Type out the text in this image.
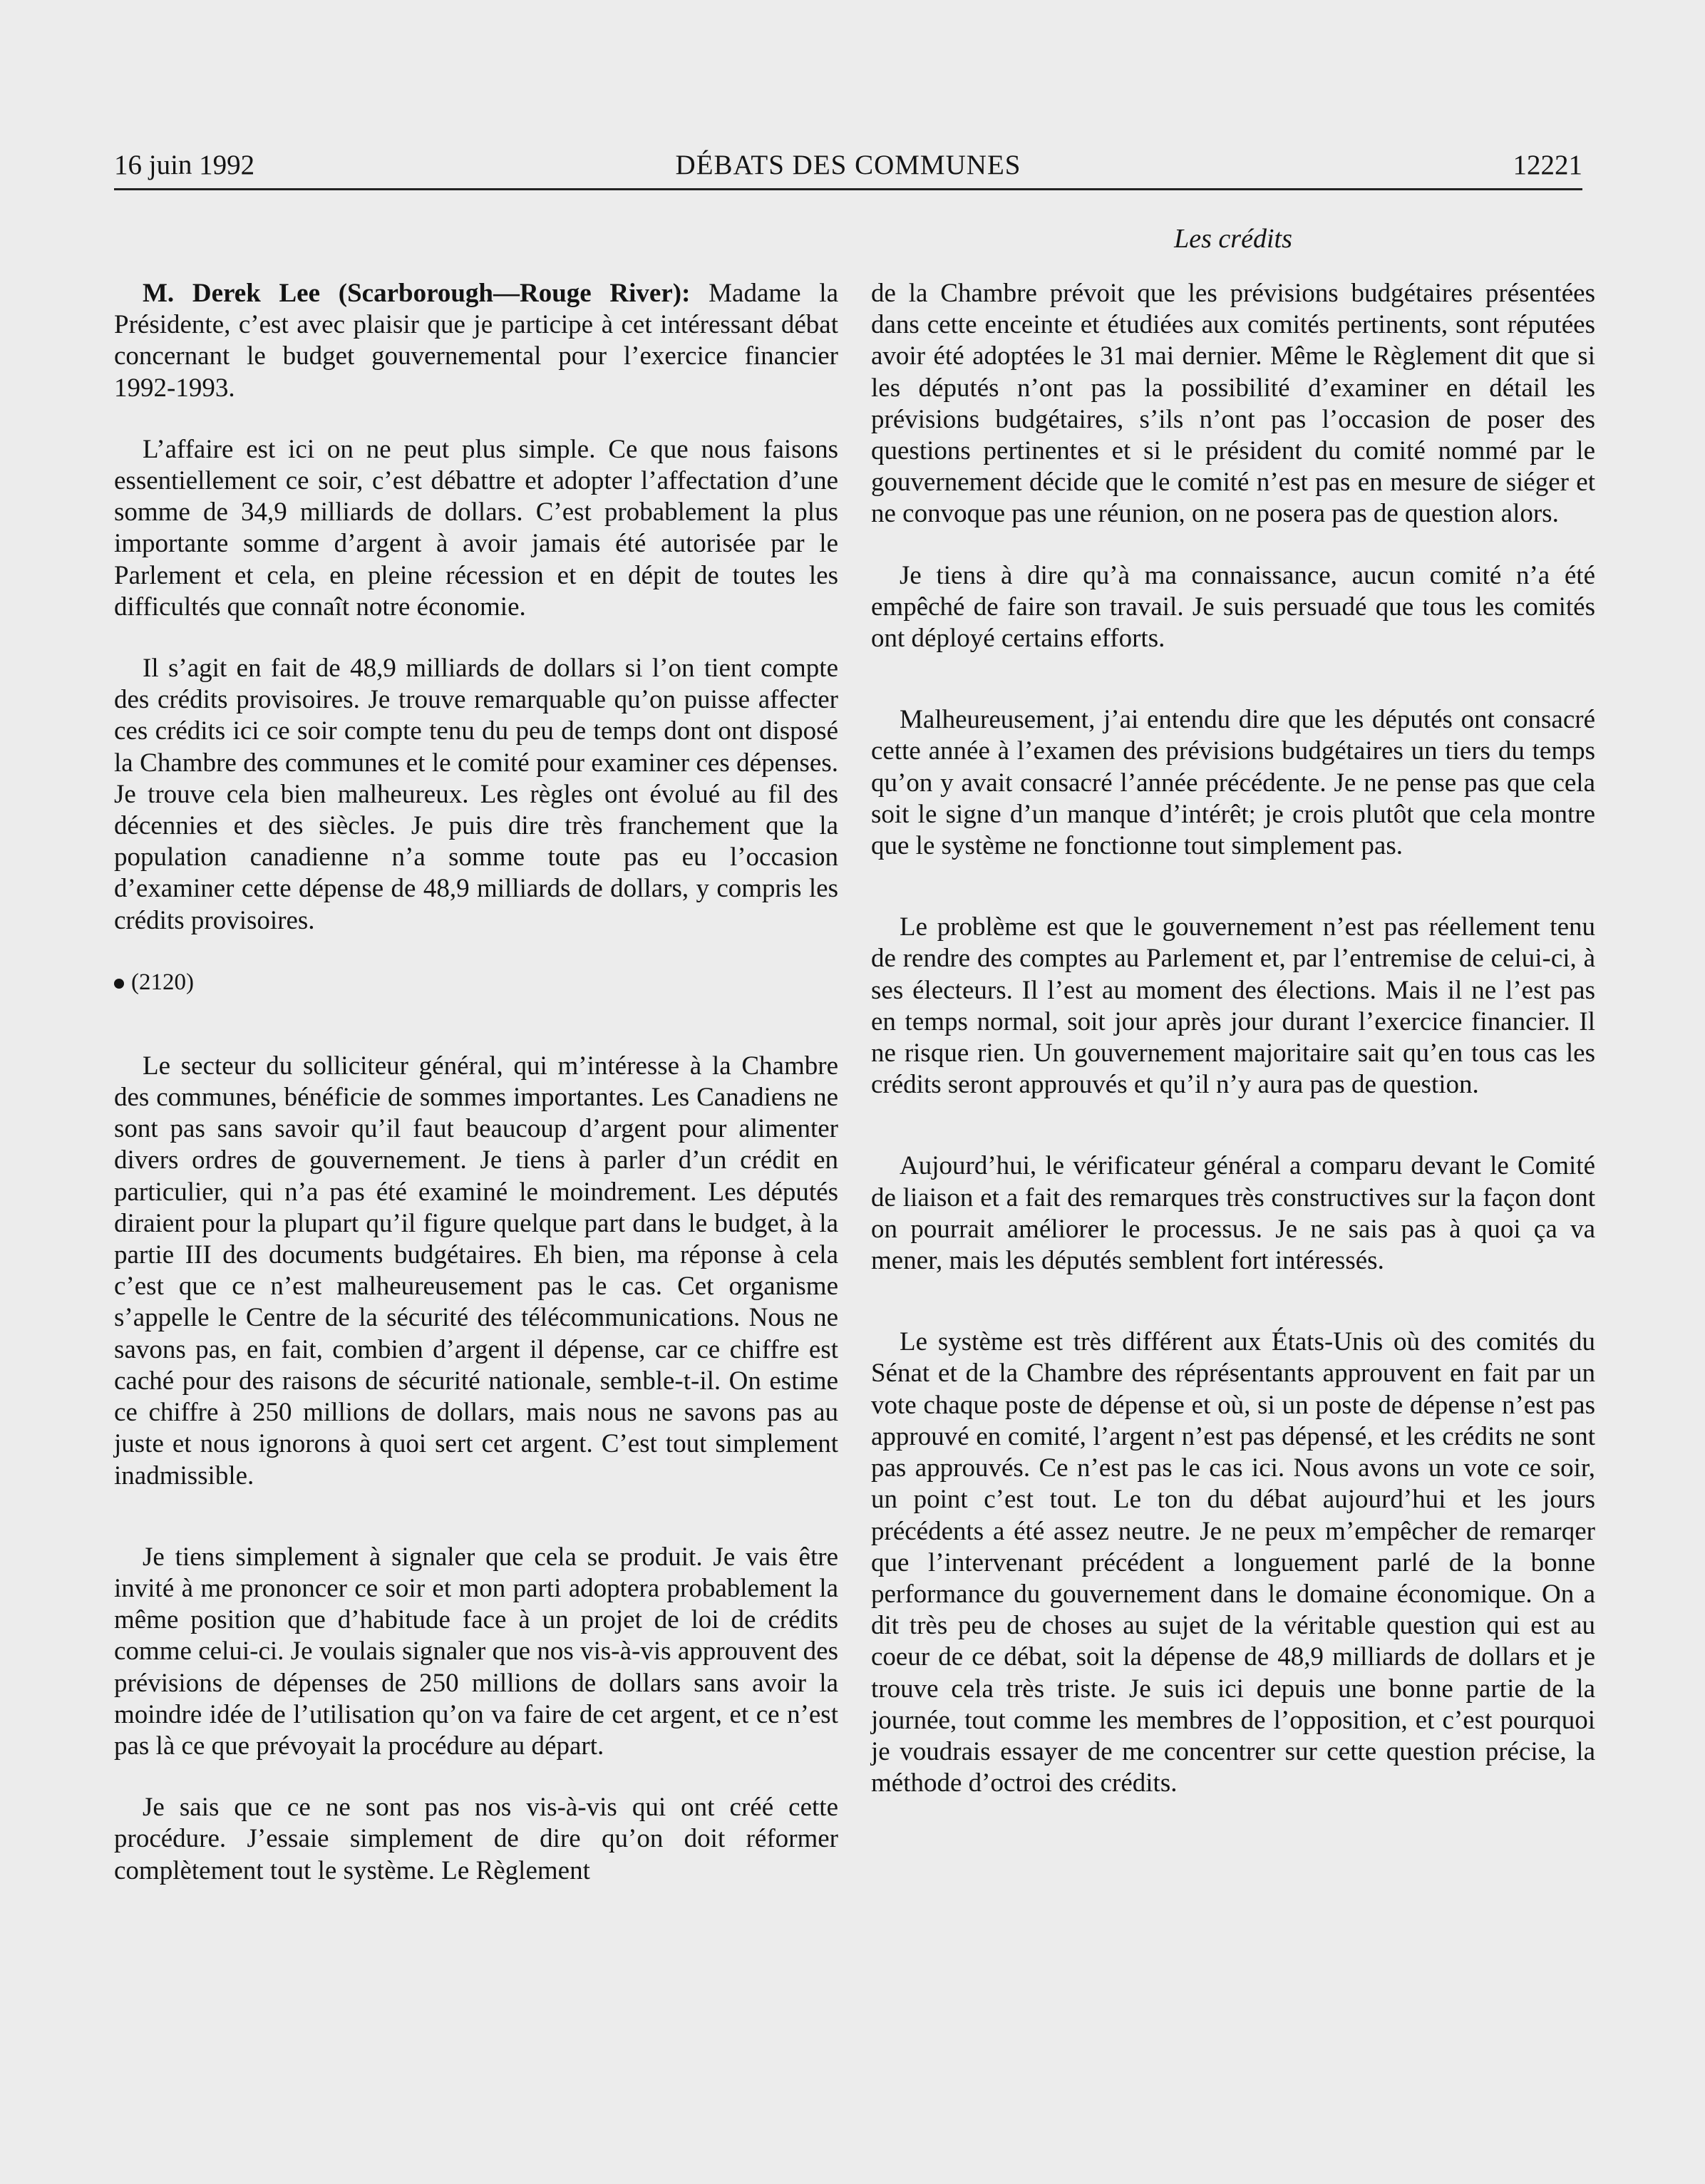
16 juin 1992	DÉBATS DES COMMUNES	12221
Les crédits

M. Derek Lee (Scarborough—Rouge River): Madame la Présidente, c’est avec plaisir que je participe à cet intéressant débat concernant le budget gouvernemental pour l’exercice financier 1992-1993.

L’affaire est ici on ne peut plus simple. Ce que nous faisons essentiellement ce soir, c’est débattre et adopter l’affectation d’une somme de 34,9 milliards de dollars. C’est probablement la plus importante somme d’argent à avoir jamais été autorisée par le Parlement et cela, en pleine récession et en dépit de toutes les difficultés que connaît notre économie.

Il s’agit en fait de 48,9 milliards de dollars si l’on tient compte des crédits provisoires. Je trouve remarquable qu’on puisse affecter ces crédits ici ce soir compte tenu du peu de temps dont ont disposé la Chambre des communes et le comité pour examiner ces dépenses. Je trouve cela bien malheureux. Les règles ont évolué au fil des décennies et des siècles. Je puis dire très franchement que la population canadienne n’a somme toute pas eu l’occasion d’examiner cette dépense de 48,9 milliards de dollars, y compris les crédits provisoires.

(2120)

Le secteur du solliciteur général, qui m’intéresse à la Chambre des communes, bénéficie de sommes importantes. Les Canadiens ne sont pas sans savoir qu’il faut beaucoup d’argent pour alimenter divers ordres de gouvernement. Je tiens à parler d’un crédit en particulier, qui n’a pas été examiné le moindrement. Les députés diraient pour la plupart qu’il figure quelque part dans le budget, à la partie III des documents budgétaires. Eh bien, ma réponse à cela c’est que ce n’est malheureusement pas le cas. Cet organisme s’appelle le Centre de la sécurité des télécommunications. Nous ne savons pas, en fait, combien d’argent il dépense, car ce chiffre est caché pour des raisons de sécurité nationale, semble-t-il. On estime ce chiffre à 250 millions de dollars, mais nous ne savons pas au juste et nous ignorons à quoi sert cet argent. C’est tout simplement inadmissible.

Je tiens simplement à signaler que cela se produit. Je vais être invité à me prononcer ce soir et mon parti adoptera probablement la même position que d’habitude face à un projet de loi de crédits comme celui-ci. Je voulais signaler que nos vis-à-vis approuvent des prévisions de dépenses de 250 millions de dollars sans avoir la moindre idée de l’utilisation qu’on va faire de cet argent, et ce n’est pas là ce que prévoyait la procédure au départ.

Je sais que ce ne sont pas nos vis-à-vis qui ont créé cette procédure. J’essaie simplement de dire qu’on doit réformer complètement tout le système. Le Règlement

de la Chambre prévoit que les prévisions budgétaires présentées dans cette enceinte et étudiées aux comités pertinents, sont réputées avoir été adoptées le 31 mai dernier. Même le Règlement dit que si les députés n’ont pas la possibilité d’examiner en détail les prévisions budgétaires, s’ils n’ont pas l’occasion de poser des questions pertinentes et si le président du comité nommé par le gouvernement décide que le comité n’est pas en mesure de siéger et ne convoque pas une réunion, on ne posera pas de question alors.

Je tiens à dire qu’à ma connaissance, aucun comité n’a été empêché de faire son travail. Je suis persuadé que tous les comités ont déployé certains efforts.

Malheureusement, j’ai entendu dire que les députés ont consacré cette année à l’examen des prévisions budgétaires un tiers du temps qu’on y avait consacré l’année précédente. Je ne pense pas que cela soit le signe d’un manque d’intérêt; je crois plutôt que cela montre que le système ne fonctionne tout simplement pas.

Le problème est que le gouvernement n’est pas réellement tenu de rendre des comptes au Parlement et, par l’entremise de celui-ci, à ses électeurs. Il l’est au moment des élections. Mais il ne l’est pas en temps normal, soit jour après jour durant l’exercice financier. Il ne risque rien. Un gouvernement majoritaire sait qu’en tous cas les crédits seront approuvés et qu’il n’y aura pas de question.

Aujourd’hui, le vérificateur général a comparu devant le Comité de liaison et a fait des remarques très constructives sur la façon dont on pourrait améliorer le processus. Je ne sais pas à quoi ça va mener, mais les députés semblent fort intéressés.

Le système est très différent aux États-Unis où des comités du Sénat et de la Chambre des réprésentants approuvent en fait par un vote chaque poste de dépense et où, si un poste de dépense n’est pas approuvé en comité, l’argent n’est pas dépensé, et les crédits ne sont pas approuvés. Ce n’est pas le cas ici. Nous avons un vote ce soir, un point c’est tout. Le ton du débat aujourd’hui et les jours précédents a été assez neutre. Je ne peux m’empêcher de remarqer que l’intervenant précédent a longuement parlé de la bonne performance du gouvernement dans le domaine économique. On a dit très peu de choses au sujet de la véritable question qui est au coeur de ce débat, soit la dépense de 48,9 milliards de dollars et je trouve cela très triste. Je suis ici depuis une bonne partie de la journée, tout comme les membres de l’opposition, et c’est pourquoi je voudrais essayer de me concentrer sur cette question précise, la méthode d’octroi des crédits.
